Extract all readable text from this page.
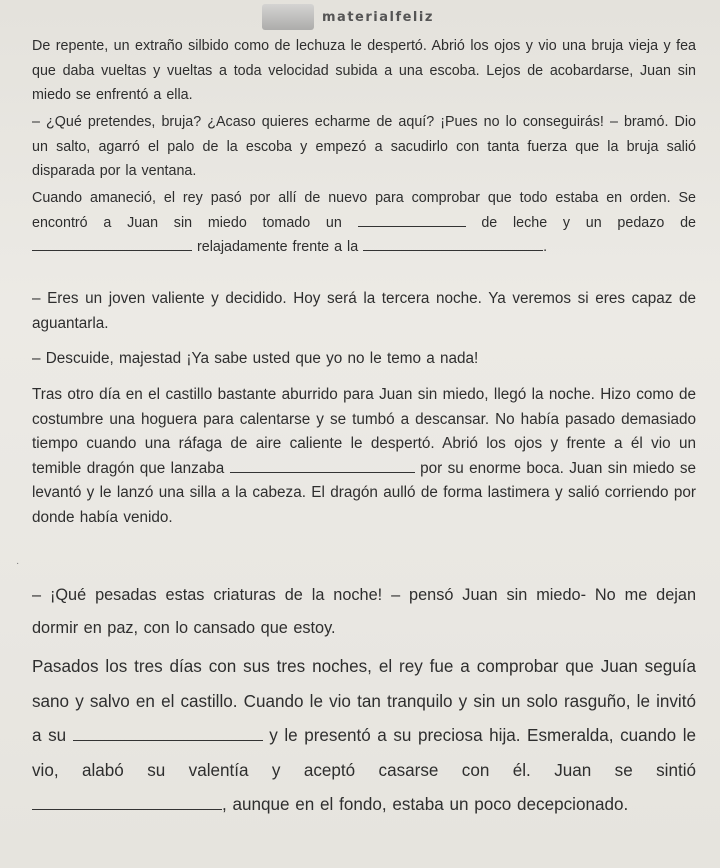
materialfeliz

De repente, un extraño silbido como de lechuza le despertó. Abrió los ojos y vio una bruja vieja y fea que daba vueltas y vueltas a toda velocidad subida a una escoba. Lejos de acobardarse, Juan sin miedo se enfrentó a ella.

– ¿Qué pretendes, bruja? ¿Acaso quieres echarme de aquí? ¡Pues no lo conseguirás! – bramó. Dio un salto, agarró el palo de la escoba y empezó a sacudirlo con tanta fuerza que la bruja salió disparada por la ventana.

Cuando amaneció, el rey pasó por allí de nuevo para comprobar que todo estaba en orden. Se encontró a Juan sin miedo tomado un	de leche y un pedazo de  relajadamente frente a la	.

– Eres un joven valiente y decidido. Hoy será la tercera noche. Ya veremos si eres capaz de aguantarla.

– Descuide, majestad ¡Ya sabe usted que yo no le temo a nada!

Tras otro día en el castillo bastante aburrido para Juan sin miedo, llegó la noche. Hizo como de costumbre una hoguera para calentarse y se tumbó a descansar. No había pasado demasiado tiempo cuando una ráfaga de aire caliente le despertó. Abrió los ojos y frente a él vio un temible dragón que lanzaba	por su enorme boca. Juan sin miedo se levantó y le lanzó una silla a la cabeza. El dragón aulló de forma lastimera y salió corriendo por donde había venido.

·

– ¡Qué pesadas estas criaturas de la noche! – pensó Juan sin miedo- No me dejan dormir en paz, con lo cansado que estoy.

Pasados los tres días con sus tres noches, el rey fue a comprobar que Juan seguía sano y salvo en el castillo. Cuando le vio tan tranquilo y sin un solo rasguño, le invitó a su	y le presentó a su preciosa hija. Esmeralda, cuando le vio, alabó su valentía y aceptó casarse con él. Juan se sintió , aunque en el fondo, estaba un poco decepcionado.
